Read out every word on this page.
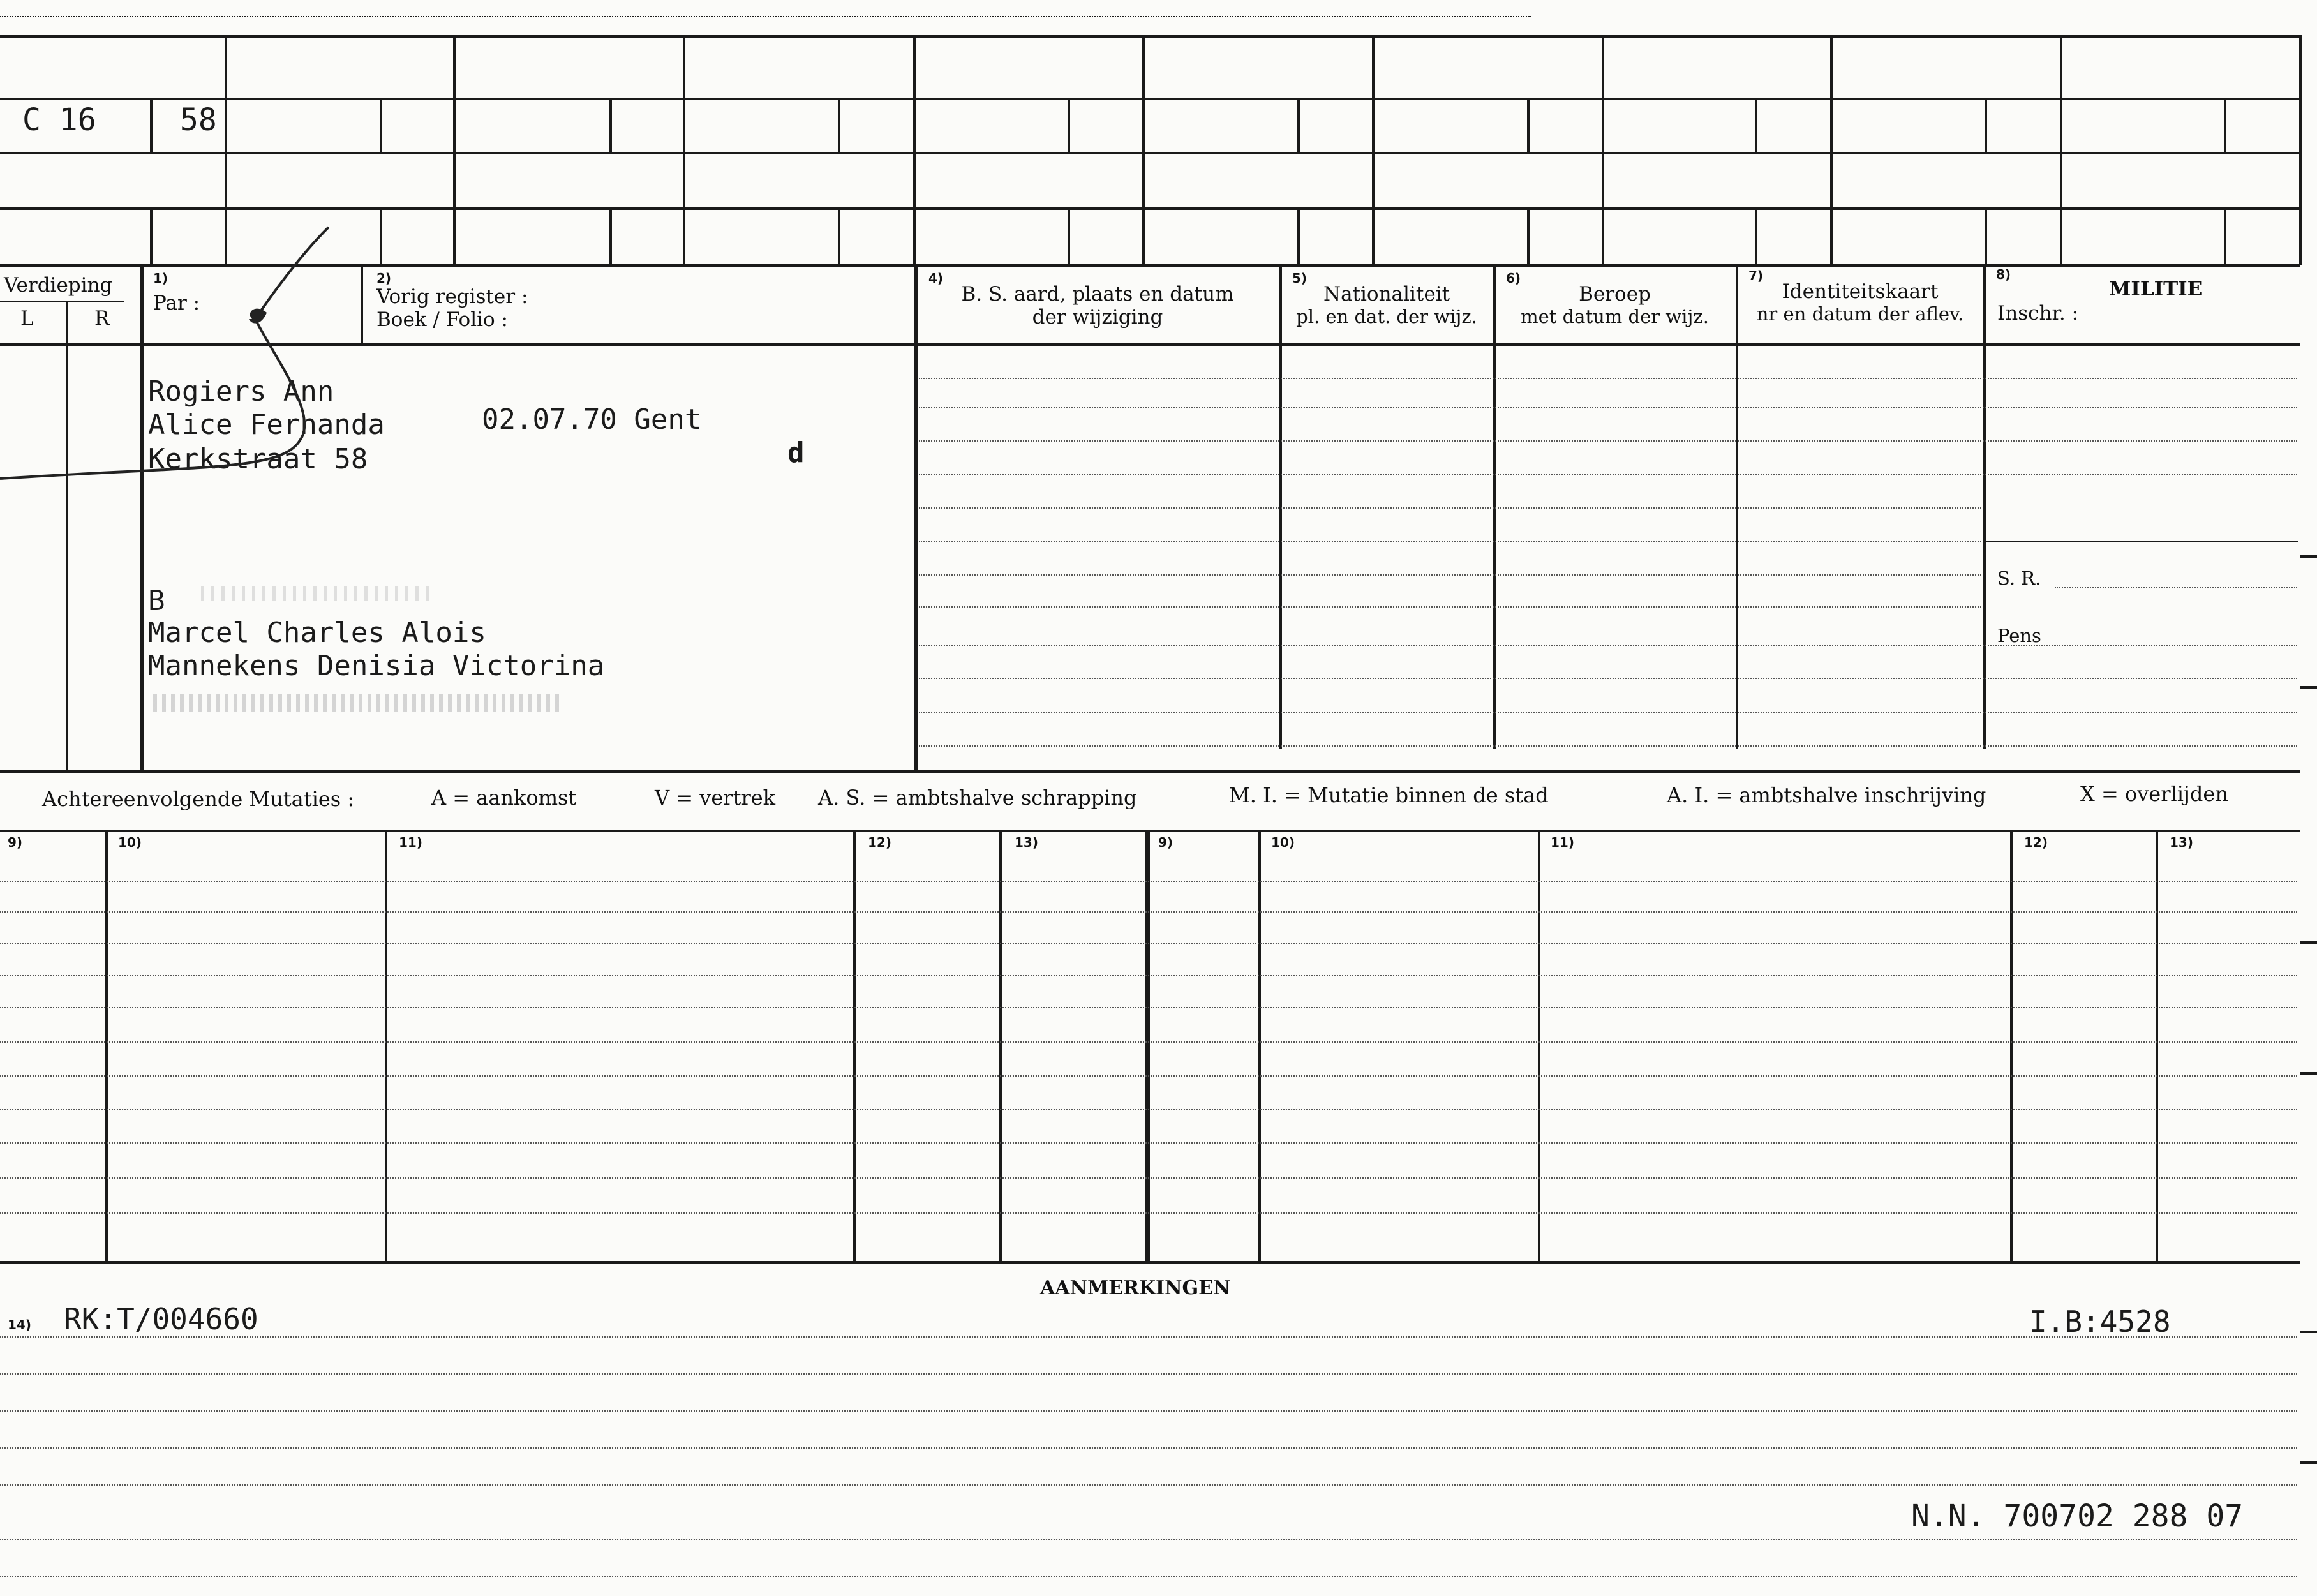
C 16	58
Verdieping
L	R
1)
Par :
2)
Vorig register :
Boek / Folio :
4)
B. S. aard, plaats en datum
der wijziging
5)
Nationaliteit
pl. en dat. der wijz.
6)
Beroep
met datum der wijz.
7)
Identiteitskaart
nr en datum der aflev.
8)
MILITIE
Inschr. :
S. R.
Pens
Rogiers Ann
Alice Fernanda	02.07.70 Gent
Kerkstraat 58	d
B
Marcel Charles Alois
Mannekens Denisia Victorina
Achtereenvolgende Mutaties :	A = aankomst	V = vertrek A. S. = ambtshalve schrapping	M. I. = Mutatie binnen de stad	A. I. = ambtshalve inschrijving	X = overlijden
9)	10)	11)	12)	13)	9)	10)	11)	12)	13)
AANMERKINGEN
14) RK:T/004660	I.B:4528
N.N. 700702 288 07
